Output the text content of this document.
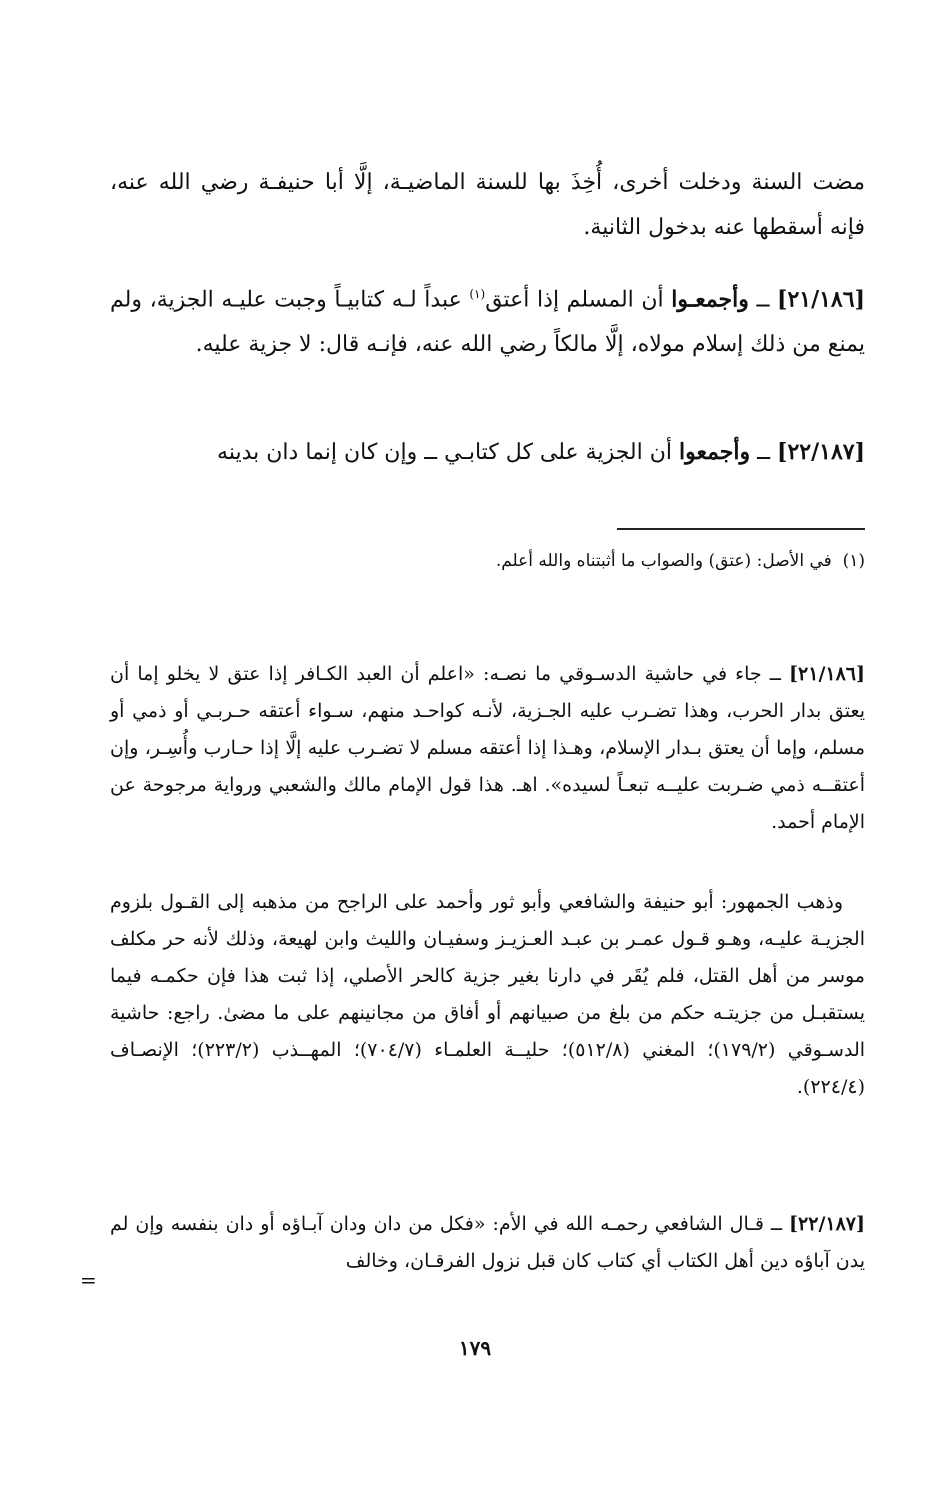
مضت السنة ودخلت أخرى، أُخِذَ بها للسنة الماضيـة، إلَّا أبا حنيفـة رضي الله عنه، فإنه أسقطها عنه بدخول الثانية.

[٢١/١٨٦] ــ وأجمعـوا أن المسلم إذا أعتق$^{(١)}$ عبداً لـه كتابيـاً وجبت عليـه الجزية، ولم يمنع من ذلك إسلام مولاه، إلَّا مالكاً رضي الله عنه، فإنـه قال: لا جزية عليه.

[٢٢/١٨٧] ــ وأجمعوا أن الجزية على كل كتابـي ــ وإن كان إنما دان بدينه

(١)  في الأصل: (عتق) والصواب ما أثبتناه والله أعلم.

[٢١/١٨٦] ــ جاء في حاشية الدسـوقي ما نصـه: «اعلم أن العبد الكـافر إذا عتق لا يخلو إما أن يعتق بدار الحرب، وهذا تضـرب عليه الجـزية، لأنـه كواحـد منهم، سـواء أعتقه حـربـي أو ذمي أو مسلم، وإما أن يعتق بـدار الإسلام، وهـذا إذا أعتقه مسلم لا تضـرب عليه إلَّا إذا حـارب وأُسِـر، وإن أعتقــه ذمي ضـربت عليــه تبعـاً لسيده». اهـ. هذا قول الإمام مالك والشعبي ورواية مرجوحة عن الإمام أحمد.

وذهب الجمهور: أبو حنيفة والشافعي وأبو ثور وأحمد على الراجح من مذهبه إلى القـول بلزوم الجزيـة عليـه، وهـو قـول عمـر بن عبـد العـزيـز وسفيـان والليث وابن لهيعة، وذلك لأنه حر مكلف موسر من أهل القتل، فلم يُقَر في دارنا بغير جزية كالحر الأصلي، إذا ثبت هذا فإن حكمـه فيما يستقبـل من جزيتـه حكم من بلغ من صبيانهم أو أفاق من مجانينهم على ما مضىٰ. راجع: حاشية الدسـوقي (١٧٩/٢)؛ المغني (٥١٢/٨)؛ حليــة العلمـاء (٧٠٤/٧)؛ المهــذب (٢٢٣/٢)؛ الإنصـاف (٢٢٤/٤).

[٢٢/١٨٧] ــ قـال الشافعي رحمـه الله في الأم: «فكل من دان ودان آبـاؤه أو دان بنفسه وإن لم يدن آباؤه دين أهل الكتاب أي كتاب كان قبل نزول الفرقـان، وخالف

=
١٧٩
